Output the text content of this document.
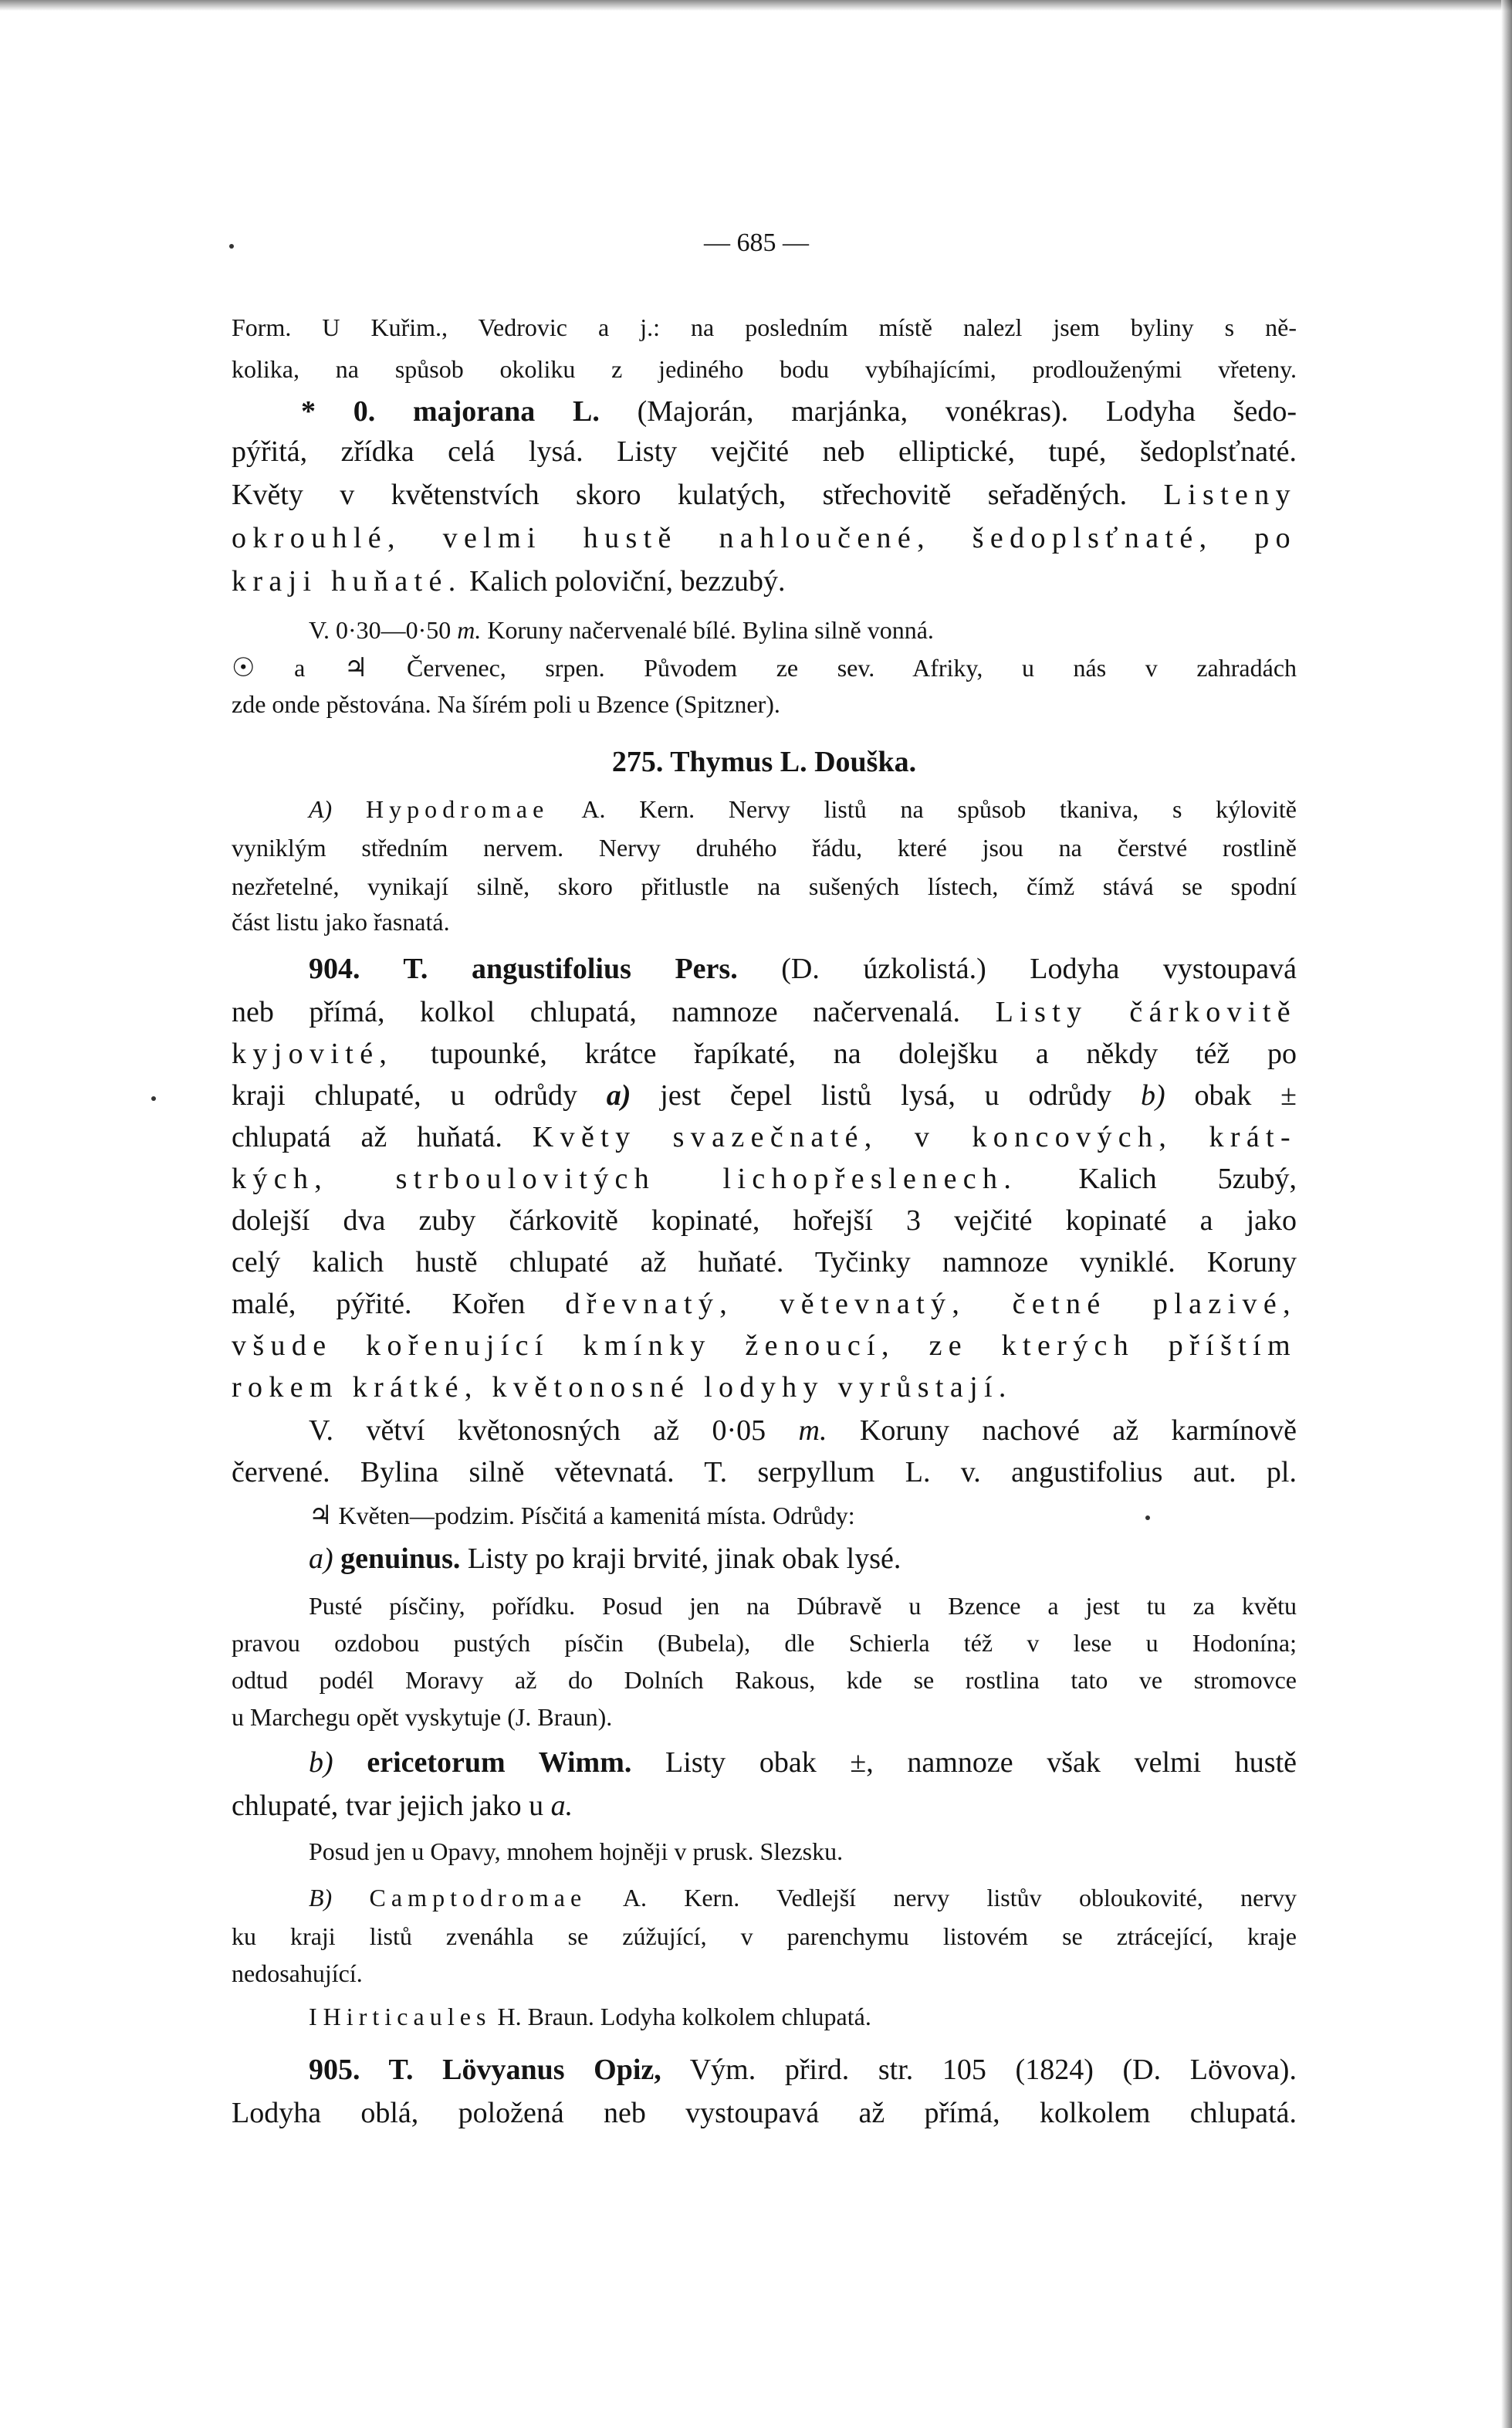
— 685 —
Form. U Kuřim., Vedrovic a j.: na posledním místě nalezl jsem byliny s ně-
kolika, na spůsob okoliku z jediného bodu vybíhajícími, prodlouženými vřeteny.
* 0. majorana L. (Majorán, marjánka, vonékras). Lodyha šedo-
pýřitá, zřídka celá lysá. Listy vejčité neb elliptické, tupé, šedoplsťnaté.
Květy v květenstvích skoro kulatých, střechovitě seřaděných. Listeny
okrouhlé, velmi hustě nahloučené, šedoplsťnaté, po
kraji huňaté. Kalich poloviční, bezzubý.
V. 0·30—0·50 m. Koruny načervenalé bílé. Bylina silně vonná.
☉ a ♃ Červenec, srpen. Původem ze sev. Afriky, u nás v zahradách
zde onde pěstována. Na šírém poli u Bzence (Spitzner).
275. Thymus L. Douška.
A) Hypodromae A. Kern. Nervy listů na spůsob tkaniva, s kýlovitě
vyniklým středním nervem. Nervy druhého řádu, které jsou na čerstvé rostlině
nezřetelné, vynikají silně, skoro přitlustle na sušených lístech, čímž stává se spodní
část listu jako řasnatá.
904. T. angustifolius Pers. (D. úzkolistá.) Lodyha vystoupavá
neb přímá, kolkol chlupatá, namnoze načervenalá. Listy čárkovitě
kyjovité, tupounké, krátce řapíkaté, na dolejšku a někdy též po
kraji chlupaté, u odrůdy a) jest čepel listů lysá, u odrůdy b) obak ±
chlupatá až huňatá. Květy svazečnaté, v koncových, krát-
kých, strboulovitých lichopřeslenech. Kalich 5zubý,
dolejší dva zuby čárkovitě kopinaté, hořejší 3 vejčité kopinaté a jako
celý kalich hustě chlupaté až huňaté. Tyčinky namnoze vyniklé. Koruny
malé, pýřité. Kořen dřevnatý, větevnatý, četné plazivé,
všude kořenující kmínky ženoucí, ze kterých příštím
rokem krátké, květonosné lodyhy vyrůstají.
V. větví květonosných až 0·05 m. Koruny nachové až karmínově
červené. Bylina silně větevnatá. T. serpyllum L. v. angustifolius aut. pl.
♃ Květen—podzim. Písčitá a kamenitá místa. Odrůdy:
a) genuinus. Listy po kraji brvité, jinak obak lysé.
Pusté písčiny, pořídku. Posud jen na Dúbravě u Bzence a jest tu za květu
pravou ozdobou pustých písčin (Bubela), dle Schierla též v lese u Hodonína;
odtud podél Moravy až do Dolních Rakous, kde se rostlina tato ve stromovce
u Marchegu opět vyskytuje (J. Braun).
b) ericetorum Wimm. Listy obak ±, namnoze však velmi hustě
chlupaté, tvar jejich jako u a.
Posud jen u Opavy, mnohem hojněji v prusk. Slezsku.
B) Camptodromae A. Kern. Vedlejší nervy listův obloukovité, nervy
ku kraji listů zvenáhla se zúžující, v parenchymu listovém se ztrácející, kraje
nedosahující.
I Hirticaules H. Braun. Lodyha kolkolem chlupatá.
905. T. Lövyanus Opiz, Vým. přird. str. 105 (1824) (D. Lövova).
Lodyha oblá, položená neb vystoupavá až přímá, kolkolem chlupatá.
